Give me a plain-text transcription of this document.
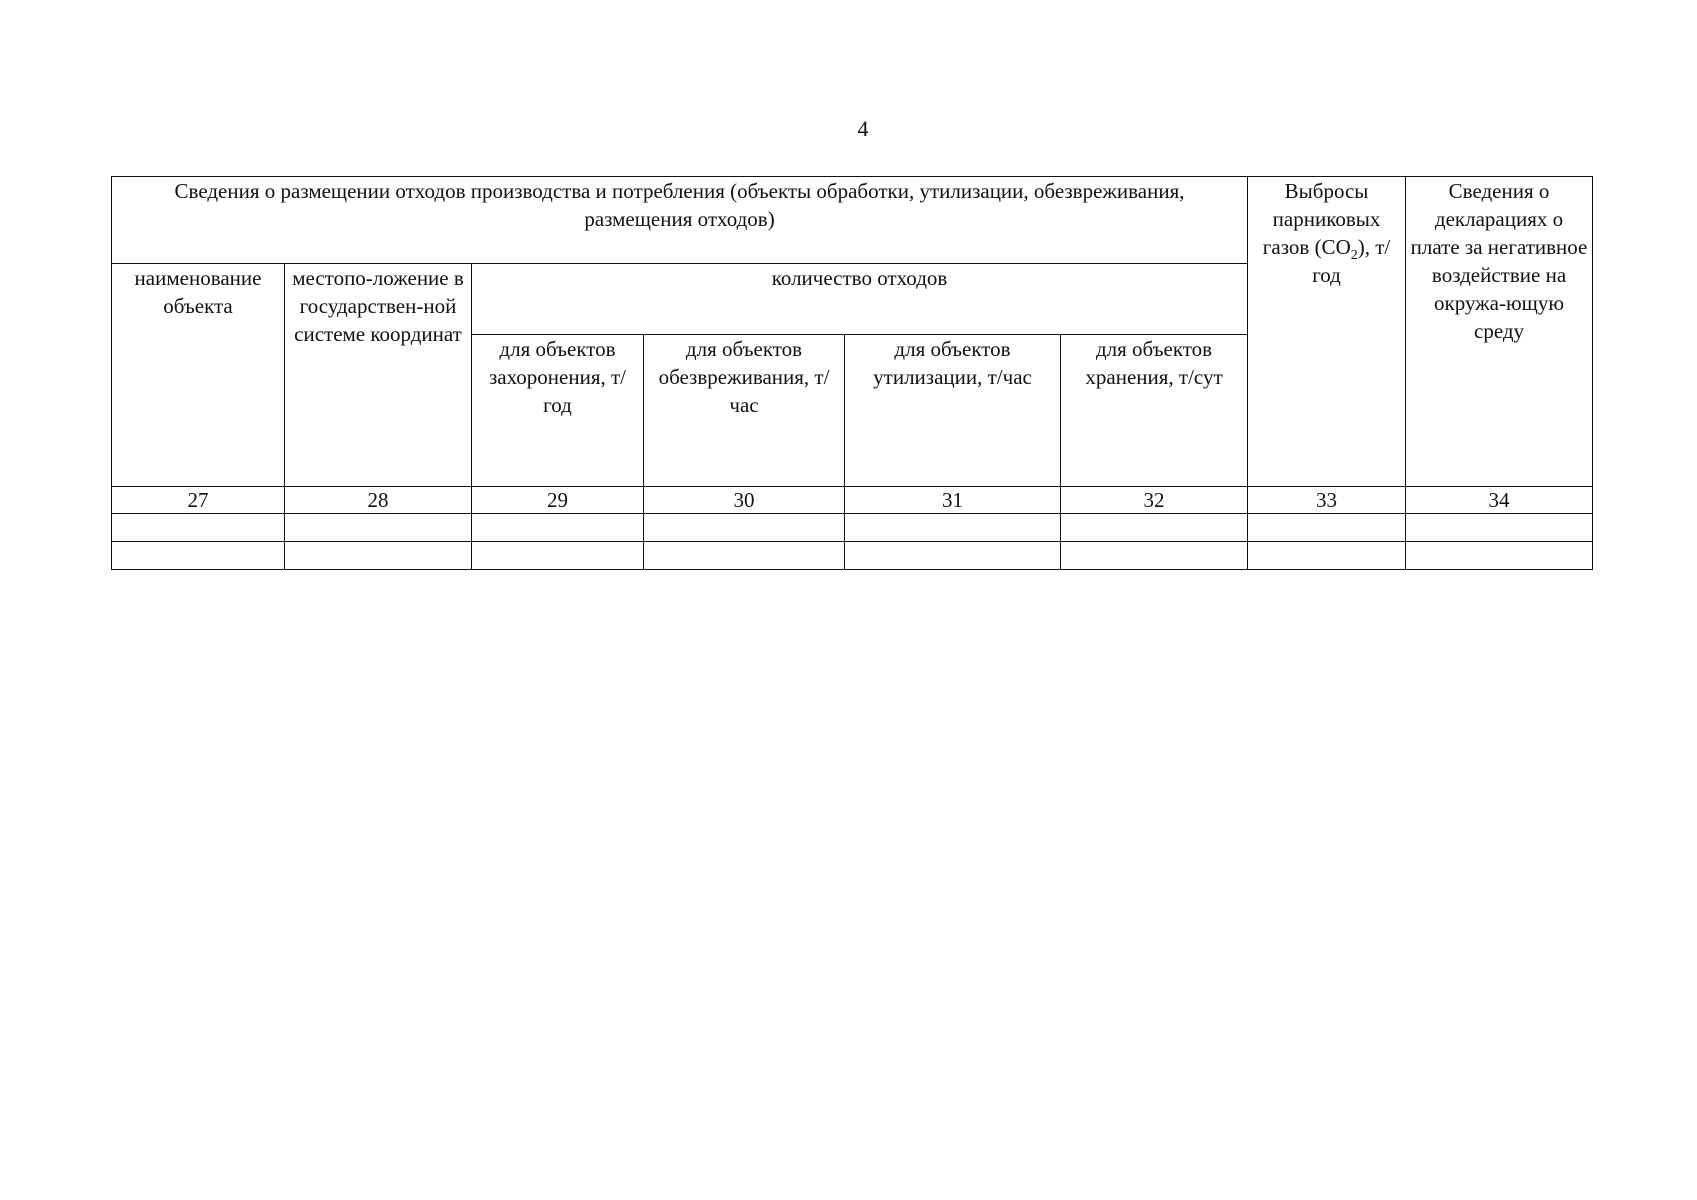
4
Сведения о размещении отходов производства и потребления (объекты обработки, утилизации, обезвреживания, размещения отходов)						Выбросы парниковых газов $(CO_2)$, т/год	Сведения о декларациях о плате за негативное воздействие на окружа-ющую среду

наименование объекта	местопо-ложение в государствен-ной системе координат	количество отходов					

		для объектов захоронения, т/год	для объектов обезвреживания, т/час	для объектов утилизации, т/час	для объектов хранения, т/сут		

27	28	29	30	31	32	33	34
